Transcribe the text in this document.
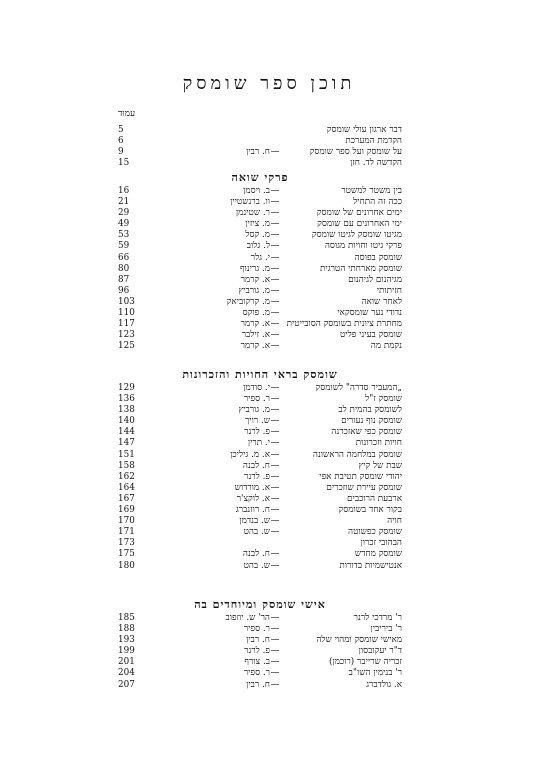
תוכן ספר שומסק
עמוד
5	דבר ארגון עולי שומסק
6	הקדמת המערכת
9	ח. רבין —	על שומסק ועל ספר שומסק
15	הקדשה לד. חזן
פרקי שואה
16	ב. ויסמן —	בין משטר למשטר
21	וו. ברנשטיין —	ככה זה התחיל
29	ר. שטינמן —	ימים אחרונים של שומסק
49	מ. ציזין —	ימי האחרונים עם שומסק
53	מ. קסל —	מגיטו שומסק לגיטו שומסק
59	ל. גלוב —	פרקי גיטו וחויות מגוסה
66	י. גלר —	שומסק בפוסה
80	מ. גרינוף —	שומסק מארחתי הטרגית
87	א. קרמר —	מגיהנום לגיהנום
96	מ. גורביץ —	חזיתותי
103	מ. קרקוביאק —	לאחר שואה
110	מ. פוקס —	נדודי נער שומסקאי
117	א. קרמר — מחתרת ציונית בשומסק הסובייטית
123	א. זילבר —	שומסק בעיני פליט
125	א. קרמר —	נקמת מה
שומסק בראי החויות והזכרונות
129	י. סודמן —	„המעביר סדרה" לשומסק
136	ר. ספיר —	שומסק ז"ל
138	מ. גורביץ —	לשומסק בהמית לב
140	ש. רויך —	שומסק נוף נעורים
144	פ. לרנר —	שומסק כפי שאזכרנה
147	י. תרין —	חויות וזכרונות
151	א. מ. גיליכן —	שומסק במלחמה הראשונה
158	ח. לבנה —	שבת של קיץ
162	פ. לרנר —	יהודי שומסק תטיבת אפי
164	א. מורדוש —	שומסק עיירת שוזכרים
167	א. לוקצ'ר —	ארבעת הרוכבים
169	ח. רוזנברג —	בקור אחד בשומסק
170	ש. בנדמן —	חויה
171	ש. בהט —	שומסק כפשוטה
173	הבהובי זכרון
175	ח. לבנה —	שומסק מחדש
180	ש. בהט —	אנטישמיות בדורות
אישי שומסק ומיוחדים בה
185	הר' ש. יוזפוב —	ר' מרדכי לרנר
188	ר. ספיר —	ר' ביריבין
193	ח. רבין —	מאישי שומסק ומהוי שלה
199	פ. לרנר —	ד"ר יעקובסון
201	ב. צורף —	זכריה שרייבר (רוכמן)
204	ר. ספיר —	ר' בנימין השו"ב
207	ח. רבין —	א. גולדברג
